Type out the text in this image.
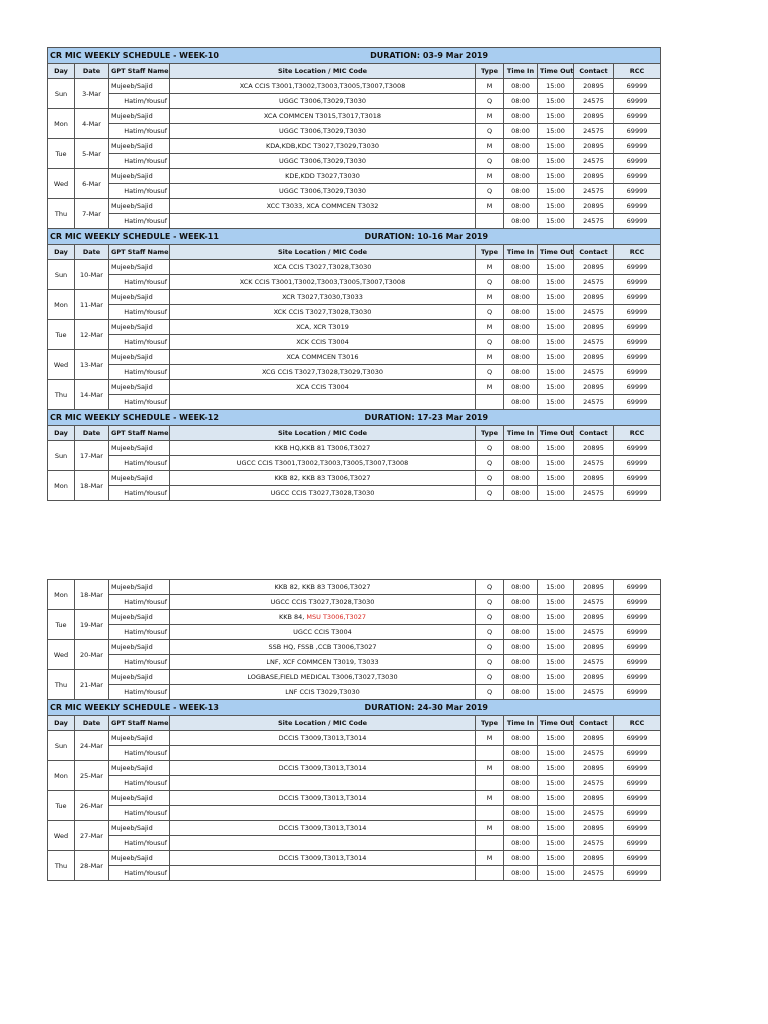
CR MIC WEEKLY SCHEDULE - WEEK-10 DURATION: 03-9 Mar 2019								

Day	Date	GPT Staff Name	Site Location / MIC Code	Type	Time In	Time Out	Contact	RCC
Sun	3-Mar	Mujeeb/Sajid	XCA CCIS T3001,T3002,T3003,T3005,T3007,T3008	M	08:00	15:00	20895	69999
		Hatim/Yousuf	UGGC T3006,T3029,T3030	Q	08:00	15:00	24575	69999
Mon	4-Mar	Mujeeb/Sajid	XCA COMMCEN T3015,T3017,T3018	M	08:00	15:00	20895	69999
		Hatim/Yousuf	UGGC T3006,T3029,T3030	Q	08:00	15:00	24575	69999
Tue	5-Mar	Mujeeb/Sajid	KDA,KDB,KDC T3027,T3029,T3030	M	08:00	15:00	20895	69999
		Hatim/Yousuf	UGGC T3006,T3029,T3030	Q	08:00	15:00	24575	69999
Wed	6-Mar	Mujeeb/Sajid	KDE,KDD T3027,T3030	M	08:00	15:00	20895	69999
		Hatim/Yousuf	UGGC T3006,T3029,T3030	Q	08:00	15:00	24575	69999
Thu	7-Mar	Mujeeb/Sajid	XCC T3033, XCA COMMCEN T3032	M	08:00	15:00	20895	69999
		Hatim/Yousuf			08:00	15:00	24575	69999
CR MIC WEEKLY SCHEDULE - WEEK-11 DURATION: 10-16 Mar 2019								

Day	Date	GPT Staff Name	Site Location / MIC Code	Type	Time In	Time Out	Contact	RCC
Sun	10-Mar	Mujeeb/Sajid	XCA CCIS T3027,T3028,T3030	M	08:00	15:00	20895	69999
		Hatim/Yousuf	XCK CCIS T3001,T3002,T3003,T3005,T3007,T3008	Q	08:00	15:00	24575	69999
Mon	11-Mar	Mujeeb/Sajid	XCR T3027,T3030,T3033	M	08:00	15:00	20895	69999
		Hatim/Yousuf	XCK CCIS T3027,T3028,T3030	Q	08:00	15:00	24575	69999
Tue	12-Mar	Mujeeb/Sajid	XCA, XCR T3019	M	08:00	15:00	20895	69999
		Hatim/Yousuf	XCK CCIS T3004	Q	08:00	15:00	24575	69999
Wed	13-Mar	Mujeeb/Sajid	XCA COMMCEN T3016	M	08:00	15:00	20895	69999
		Hatim/Yousuf	XCG CCIS T3027,T3028,T3029,T3030	Q	08:00	15:00	24575	69999
Thu	14-Mar	Mujeeb/Sajid	XCA CCIS T3004	M	08:00	15:00	20895	69999
		Hatim/Yousuf			08:00	15:00	24575	69999
CR MIC WEEKLY SCHEDULE - WEEK-12 DURATION: 17-23 Mar 2019								

Day	Date	GPT Staff Name	Site Location / MIC Code	Type	Time In	Time Out	Contact	RCC
Sun	17-Mar	Mujeeb/Sajid	KKB HQ,KKB 81 T3006,T3027	Q	08:00	15:00	20895	69999
		Hatim/Yousuf	UGCC CCIS T3001,T3002,T3003,T3005,T3007,T3008	Q	08:00	15:00	24575	69999
Mon	18-Mar	Mujeeb/Sajid	KKB 82, KKB 83 T3006,T3027	Q	08:00	15:00	20895	69999
		Hatim/Yousuf	UGCC CCIS T3027,T3028,T3030	Q	08:00	15:00	24575	69999
Mon	18-Mar	Mujeeb/Sajid	KKB 82, KKB 83 T3006,T3027	Q	08:00	15:00	20895	69999
		Hatim/Yousuf	UGCC CCIS T3027,T3028,T3030	Q	08:00	15:00	24575	69999
Tue	19-Mar	Mujeeb/Sajid	KKB 84, MSU T3006,T3027	Q	08:00	15:00	20895	69999
		Hatim/Yousuf	UGCC CCIS T3004	Q	08:00	15:00	24575	69999
Wed	20-Mar	Mujeeb/Sajid	SSB HQ, FSSB ,CCB T3006,T3027	Q	08:00	15:00	20895	69999
		Hatim/Yousuf	LNF, XCF COMMCEN T3019, T3033	Q	08:00	15:00	24575	69999
Thu	21-Mar	Mujeeb/Sajid	LOGBASE,FIELD MEDICAL T3006,T3027,T3030	Q	08:00	15:00	20895	69999
		Hatim/Yousuf	LNF CCIS T3029,T3030	Q	08:00	15:00	24575	69999
CR MIC WEEKLY SCHEDULE - WEEK-13 DURATION: 24-30 Mar 2019								

Day	Date	GPT Staff Name	Site Location / MIC Code	Type	Time In	Time Out	Contact	RCC
Sun	24-Mar	Mujeeb/Sajid	DCCIS T3009,T3013,T3014	M	08:00	15:00	20895	69999
		Hatim/Yousuf			08:00	15:00	24575	69999
Mon	25-Mar	Mujeeb/Sajid	DCCIS T3009,T3013,T3014	M	08:00	15:00	20895	69999
		Hatim/Yousuf			08:00	15:00	24575	69999
Tue	26-Mar	Mujeeb/Sajid	DCCIS T3009,T3013,T3014	M	08:00	15:00	20895	69999
		Hatim/Yousuf			08:00	15:00	24575	69999
Wed	27-Mar	Mujeeb/Sajid	DCCIS T3009,T3013,T3014	M	08:00	15:00	20895	69999
		Hatim/Yousuf			08:00	15:00	24575	69999
Thu	28-Mar	Mujeeb/Sajid	DCCIS T3009,T3013,T3014	M	08:00	15:00	20895	69999
		Hatim/Yousuf			08:00	15:00	24575	69999
